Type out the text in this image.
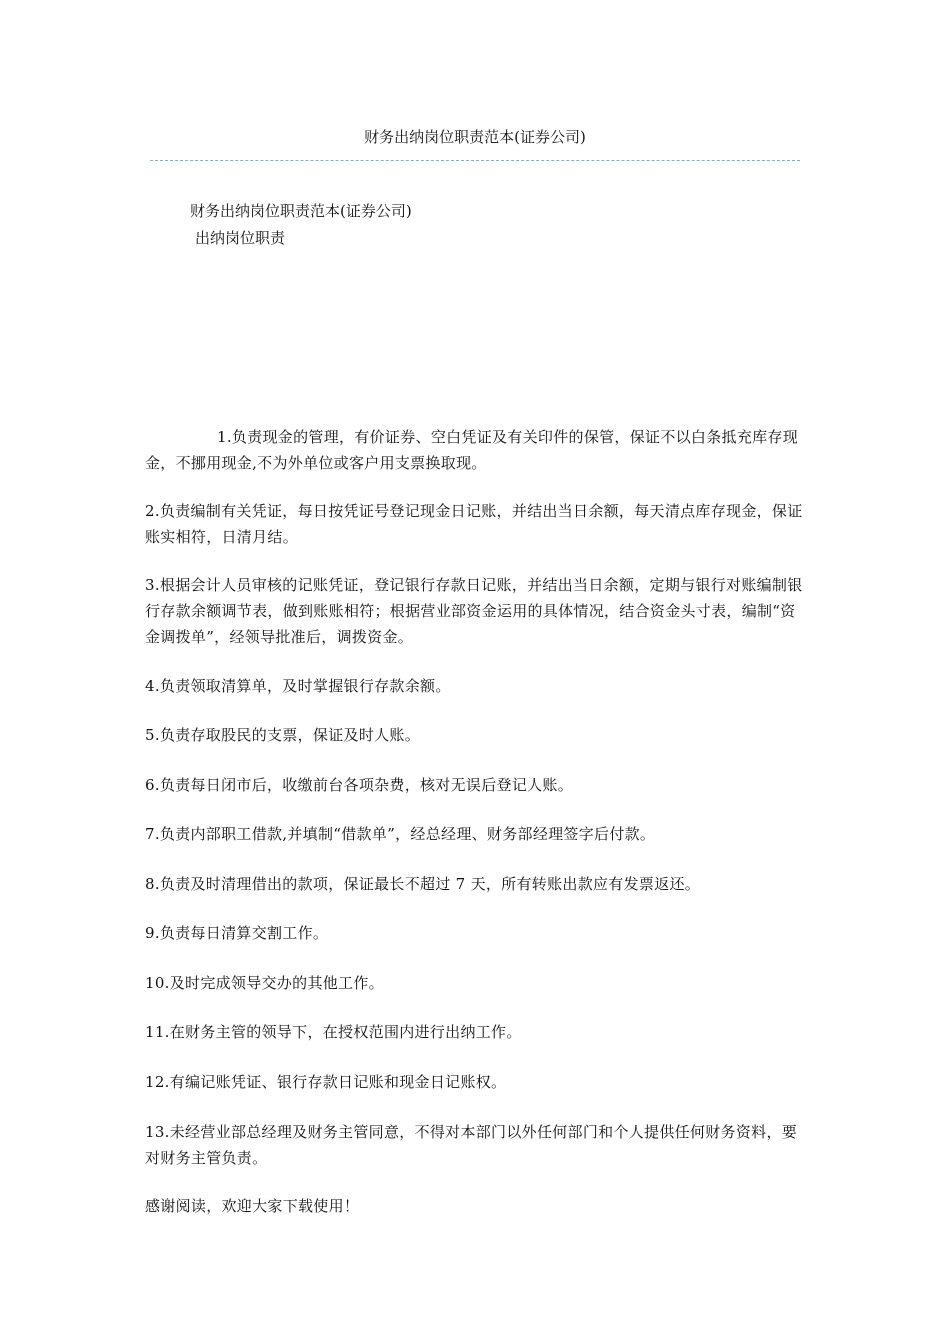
财务出纳岗位职责范本(证券公司)
财务出纳岗位职责范本(证券公司)
出纳岗位职责

1.负责现金的管理，有价证券、空白凭证及有关印件的保管，保证不以白条抵充库存现金，不挪用现金,不为外单位或客户用支票换取现。

2.负责编制有关凭证，每日按凭证号登记现金日记账，并结出当日余额，每天清点库存现金，保证账实相符，日清月结。

3.根据会计人员审核的记账凭证，登记银行存款日记账，并结出当日余额，定期与银行对账编制银行存款余额调节表，做到账账相符；根据营业部资金运用的具体情况，结合资金头寸表，编制“资金调拨单”，经领导批准后，调拨资金。

4.负责领取清算单，及时掌握银行存款余额。

5.负责存取股民的支票，保证及时人账。

6.负责每日闭市后，收缴前台各项杂费，核对无误后登记人账。

7.负责内部职工借款,并填制“借款单”，经总经理、财务部经理签字后付款。

8.负责及时清理借出的款项，保证最长不超过 7 天，所有转账出款应有发票返还。

9.负责每日清算交割工作。

10.及时完成领导交办的其他工作。

11.在财务主管的领导下，在授权范围内进行出纳工作。

12.有编记账凭证、银行存款日记账和现金日记账权。

13.未经营业部总经理及财务主管同意，不得对本部门以外任何部门和个人提供任何财务资料，要对财务主管负责。

感谢阅读，欢迎大家下载使用！
